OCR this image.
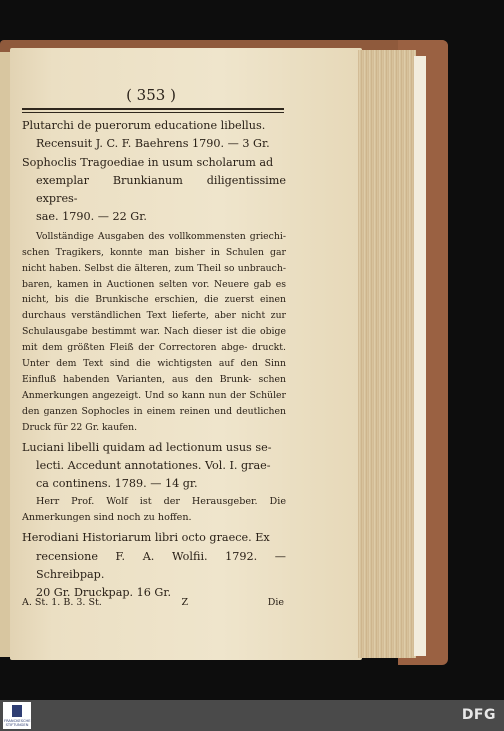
( 353 )
Plutarchi de puerorum educatione libellus.
Recensuit J. C. F. Baehrens 1790. — 3 Gr.
Sophoclis Tragoediae in usum scholarum ad
exemplar Brunkianum diligentissime expres-
sae. 1790. — 22 Gr.
Vollständige Ausgaben des vollkommensten griechi- schen Tragikers, konnte man bisher in Schulen gar nicht haben. Selbst die älteren, zum Theil so unbrauch- baren, kamen in Auctionen selten vor. Neuere gab es nicht, bis die Brunkische erschien, die zuerst einen durchaus verständlichen Text lieferte, aber nicht zur Schulausgabe bestimmt war. Nach dieser ist die obige mit dem größten Fleiß der Correctoren abge- druckt. Unter dem Text sind die wichtigsten auf den Sinn Einfluß habenden Varianten, aus den Brunk- schen Anmerkungen angezeigt. Und so kann nun der Schüler den ganzen Sophocles in einem reinen und deutlichen Druck für 22 Gr. kaufen.
Luciani libelli quidam ad lectionum usus se-
lecti. Accedunt annotationes. Vol. I. grae-
ca continens. 1789. — 14 gr.
Herr Prof. Wolf ist der Herausgeber. Die Anmerkungen sind noch zu hoffen.
Herodiani Historiarum libri octo graece. Ex
recensione F. A. Wolfii. 1792. — Schreibpap.
20 Gr. Druckpap. 16 Gr.
A. St. 1. B. 3. St.	Z	Die
FRANCKESCHE STIFTUNGEN
DFG
